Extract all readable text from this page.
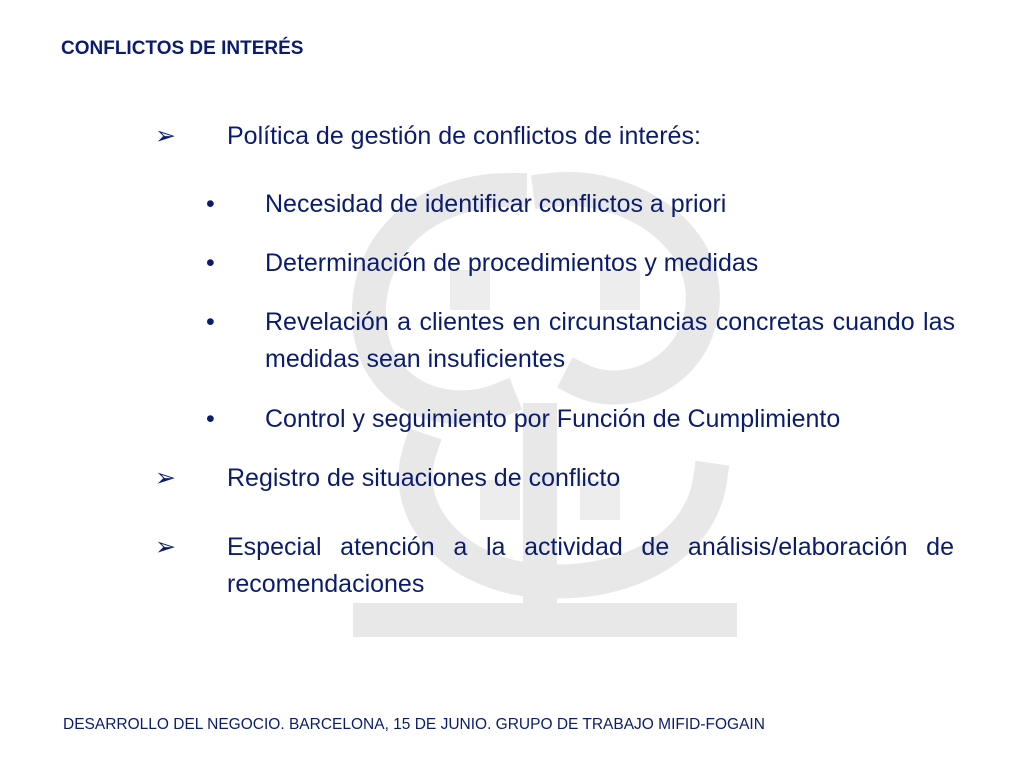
CONFLICTOS DE INTERÉS
➢	Política de gestión de conflictos de interés:
•	Necesidad de identificar conflictos a priori
•	Determinación de procedimientos y medidas
•	Revelación a clientes en circunstancias concretas cuando las medidas sean insuficientes
•	Control y seguimiento por Función de Cumplimiento
➢	Registro de situaciones de conflicto
➢	Especial atención a la actividad de análisis/elaboración de recomendaciones
DESARROLLO DEL NEGOCIO. BARCELONA, 15 DE JUNIO. GRUPO DE TRABAJO MIFID-FOGAIN
